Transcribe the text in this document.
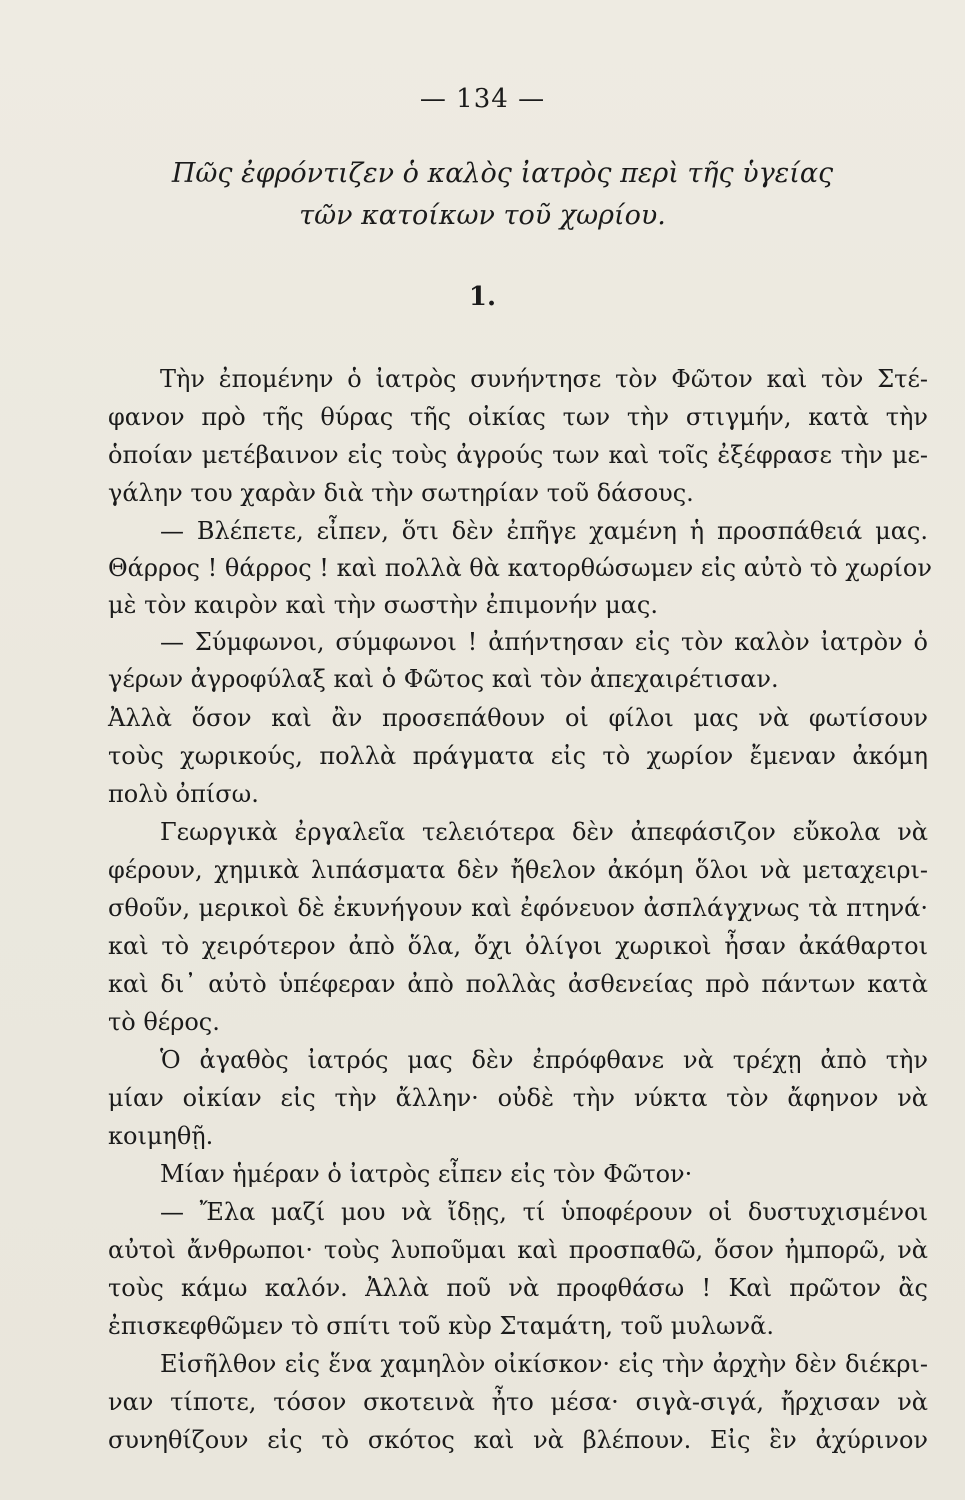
— 134 —
Πῶς ἐφρόντιζεν ὁ καλὸς ἰατρὸς περὶ τῆς ὑγείας
τῶν κατοίκων τοῦ χωρίου.
1.
Τὴν ἐπομένην ὁ ἰατρὸς συνήντησε τὸν Φῶτον καὶ τὸν Στέ-
φανον πρὸ τῆς θύρας τῆς οἰκίας των τὴν στιγμήν, κατὰ τὴν
ὁποίαν μετέβαινον εἰς τοὺς ἀγρούς των καὶ τοῖς ἐξέφρασε τὴν με-
γάλην του χαρὰν διὰ τὴν σωτηρίαν τοῦ δάσους.
— Βλέπετε, εἶπεν, ὅτι δὲν ἐπῆγε χαμένη ἡ προσπάθειά μας.
Θάρρος ! θάρρος ! καὶ πολλὰ θὰ κατορθώσωμεν εἰς αὐτὸ τὸ χωρίον
μὲ τὸν καιρὸν καὶ τὴν σωστὴν ἐπιμονήν μας.
— Σύμφωνοι, σύμφωνοι ! ἀπήντησαν εἰς τὸν καλὸν ἰατρὸν ὁ
γέρων ἀγροφύλαξ καὶ ὁ Φῶτος καὶ τὸν ἀπεχαιρέτισαν.
Ἀλλὰ ὅσον καὶ ἂν προσεπάθουν οἱ φίλοι μας νὰ φωτίσουν
τοὺς χωρικούς, πολλὰ πράγματα εἰς τὸ χωρίον ἔμεναν ἀκόμη
πολὺ ὀπίσω.
Γεωργικὰ ἐργαλεῖα τελειότερα δὲν ἀπεφάσιζον εὔκολα νὰ
φέρουν, χημικὰ λιπάσματα δὲν ἤθελον ἀκόμη ὅλοι νὰ μεταχειρι-
σθοῦν, μερικοὶ δὲ ἐκυνήγουν καὶ ἐφόνευον ἀσπλάγχνως τὰ πτηνά·
καὶ τὸ χειρότερον ἀπὸ ὅλα, ὄχι ὀλίγοι χωρικοὶ ἦσαν ἀκάθαρτοι
καὶ δι᾽ αὐτὸ ὑπέφεραν ἀπὸ πολλὰς ἀσθενείας πρὸ πάντων κατὰ
τὸ θέρος.
Ὁ ἀγαθὸς ἰατρός μας δὲν ἐπρόφθανε νὰ τρέχῃ ἀπὸ τὴν
μίαν οἰκίαν εἰς τὴν ἄλλην· οὐδὲ τὴν νύκτα τὸν ἄφηνον νὰ
κοιμηθῇ.
Μίαν ἡμέραν ὁ ἰατρὸς εἶπεν εἰς τὸν Φῶτον·
— Ἔλα μαζί μου νὰ ἴδῃς, τί ὑποφέρουν οἱ δυστυχισμένοι
αὐτοὶ ἄνθρωποι· τοὺς λυποῦμαι καὶ προσπαθῶ, ὅσον ἠμπορῶ, νὰ
τοὺς κάμω καλόν. Ἀλλὰ ποῦ νὰ προφθάσω ! Καὶ πρῶτον ἂς
ἐπισκεφθῶμεν τὸ σπίτι τοῦ κὺρ Σταμάτη, τοῦ μυλωνᾶ.
Εἰσῆλθον εἰς ἕνα χαμηλὸν οἰκίσκον· εἰς τὴν ἀρχὴν δὲν διέκρι-
ναν τίποτε, τόσον σκοτεινὰ ἦτο μέσα· σιγὰ-σιγά, ἤρχισαν νὰ
συνηθίζουν εἰς τὸ σκότος καὶ νὰ βλέπουν. Εἰς ἓν ἀχύρινον
